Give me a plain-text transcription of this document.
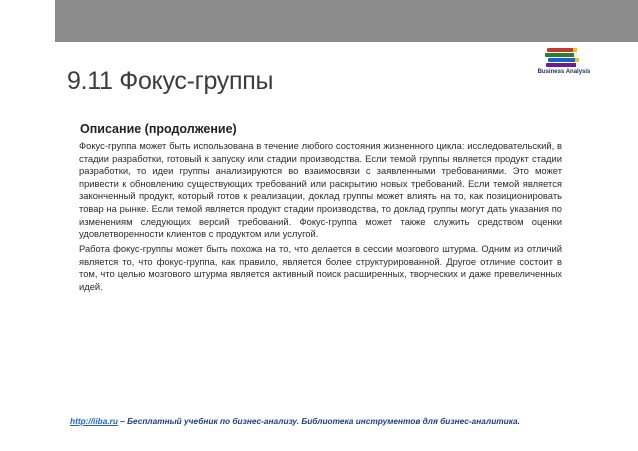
Business Analysis
9.11 Фокус-группы
Описание (продолжение)

Фокус-группа может быть использована в течение любого состояния жизненного цикла: исследовательский, в стадии разработки, готовый к запуску или стадии производства. Если темой группы является продукт стадии разработки, то идеи группы анализируются во взаимосвязи с заявленными требованиями. Это может привести к обновлению существующих требований или раскрытию новых требований. Если темой является законченный продукт, который готов к реализации, доклад группы может влиять на то, как позиционировать товар на рынке. Если темой является продукт стадии производства, то доклад группы могут дать указания по изменениям следующих версий требований. Фокус-группа может также служить средством оценки удовлетворенности клиентов с продуктом или услугой.

Работа фокус-группы может быть похожа на то, что делается в сессии мозгового штурма. Одним из отличий является то, что фокус-группа, как правило, является более структурированной. Другое отличие состоит в том, что целью мозгового штурма является активный поиск расширенных, творческих и даже превеличенных идей.

http://iiba.ru – Бесплатный учебник по бизнес-анализу. Библиотека инструментов для бизнес-аналитика.
